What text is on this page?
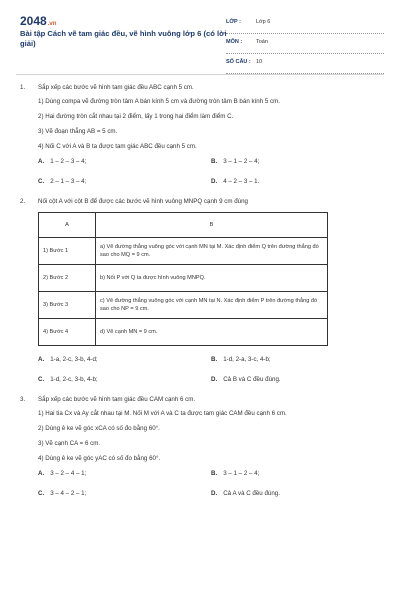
2048.vn
Bài tập Cách vẽ tam giác đều, vẽ hình vuông lớp 6 (có lời giải)
LỚP :	Lớp 6
MÔN :	Toán
SỐ CÂU : 10
1. Sắp xếp các bước vẽ hình tam giác đều ABC cạnh 5 cm.
1) Dùng compa vẽ đường tròn tâm A bán kính 5 cm và đường tròn tâm B bán kính 5 cm.
2) Hai đường tròn cắt nhau tại 2 điểm, lấy 1 trong hai điểm làm điểm C.
3) Vẽ đoạn thẳng AB = 5 cm.
4) Nối C với A và B ta được tam giác ABC đều cạnh 5 cm.
A. 1 – 2 – 3 – 4;	B. 3 – 1 – 2 – 4;
C. 2 – 1 – 3 – 4;	D. 4 – 2 – 3 – 1.
2. Nối cột A với cột B để được các bước vẽ hình vuông MNPQ cạnh 9 cm đúng
A	B
1) Bước 1	a) Vẽ đường thẳng vuông góc với cạnh MN tại M. Xác định điểm Q trên đường thẳng đó sao cho MQ = 9 cm.
2) Bước 2	b) Nối P với Q ta được hình vuông MNPQ.
3) Bước 3	c) Vẽ đường thẳng vuông góc với cạnh MN tại N. Xác định điểm P trên đường thẳng đó sao cho NP = 9 cm.
4) Bước 4	d) Vẽ cạnh MN = 9 cm.
A. 1-a, 2-c, 3-b, 4-d;	B. 1-d, 2-a, 3-c, 4-b;
C. 1-d, 2-c, 3-b, 4-b;	D. Cả B và C đều đúng.
3. Sắp xếp các bước vẽ hình tam giác đều CAM cạnh 6 cm.
1) Hai tia Cx và Ay cắt nhau tại M. Nối M với A và C ta được tam giác CAM đều cạnh 6 cm.
2) Dùng ê ke vẽ góc xCA có số đo bằng 60°.
3) Vẽ cạnh CA = 6 cm.
4) Dùng ê ke vẽ góc yAC có số đo bằng 60°.
A. 3 – 2 – 4 – 1;	B. 3 – 1 – 2 – 4;
C. 3 – 4 – 2 – 1;	D. Cả A và C đều đúng.
